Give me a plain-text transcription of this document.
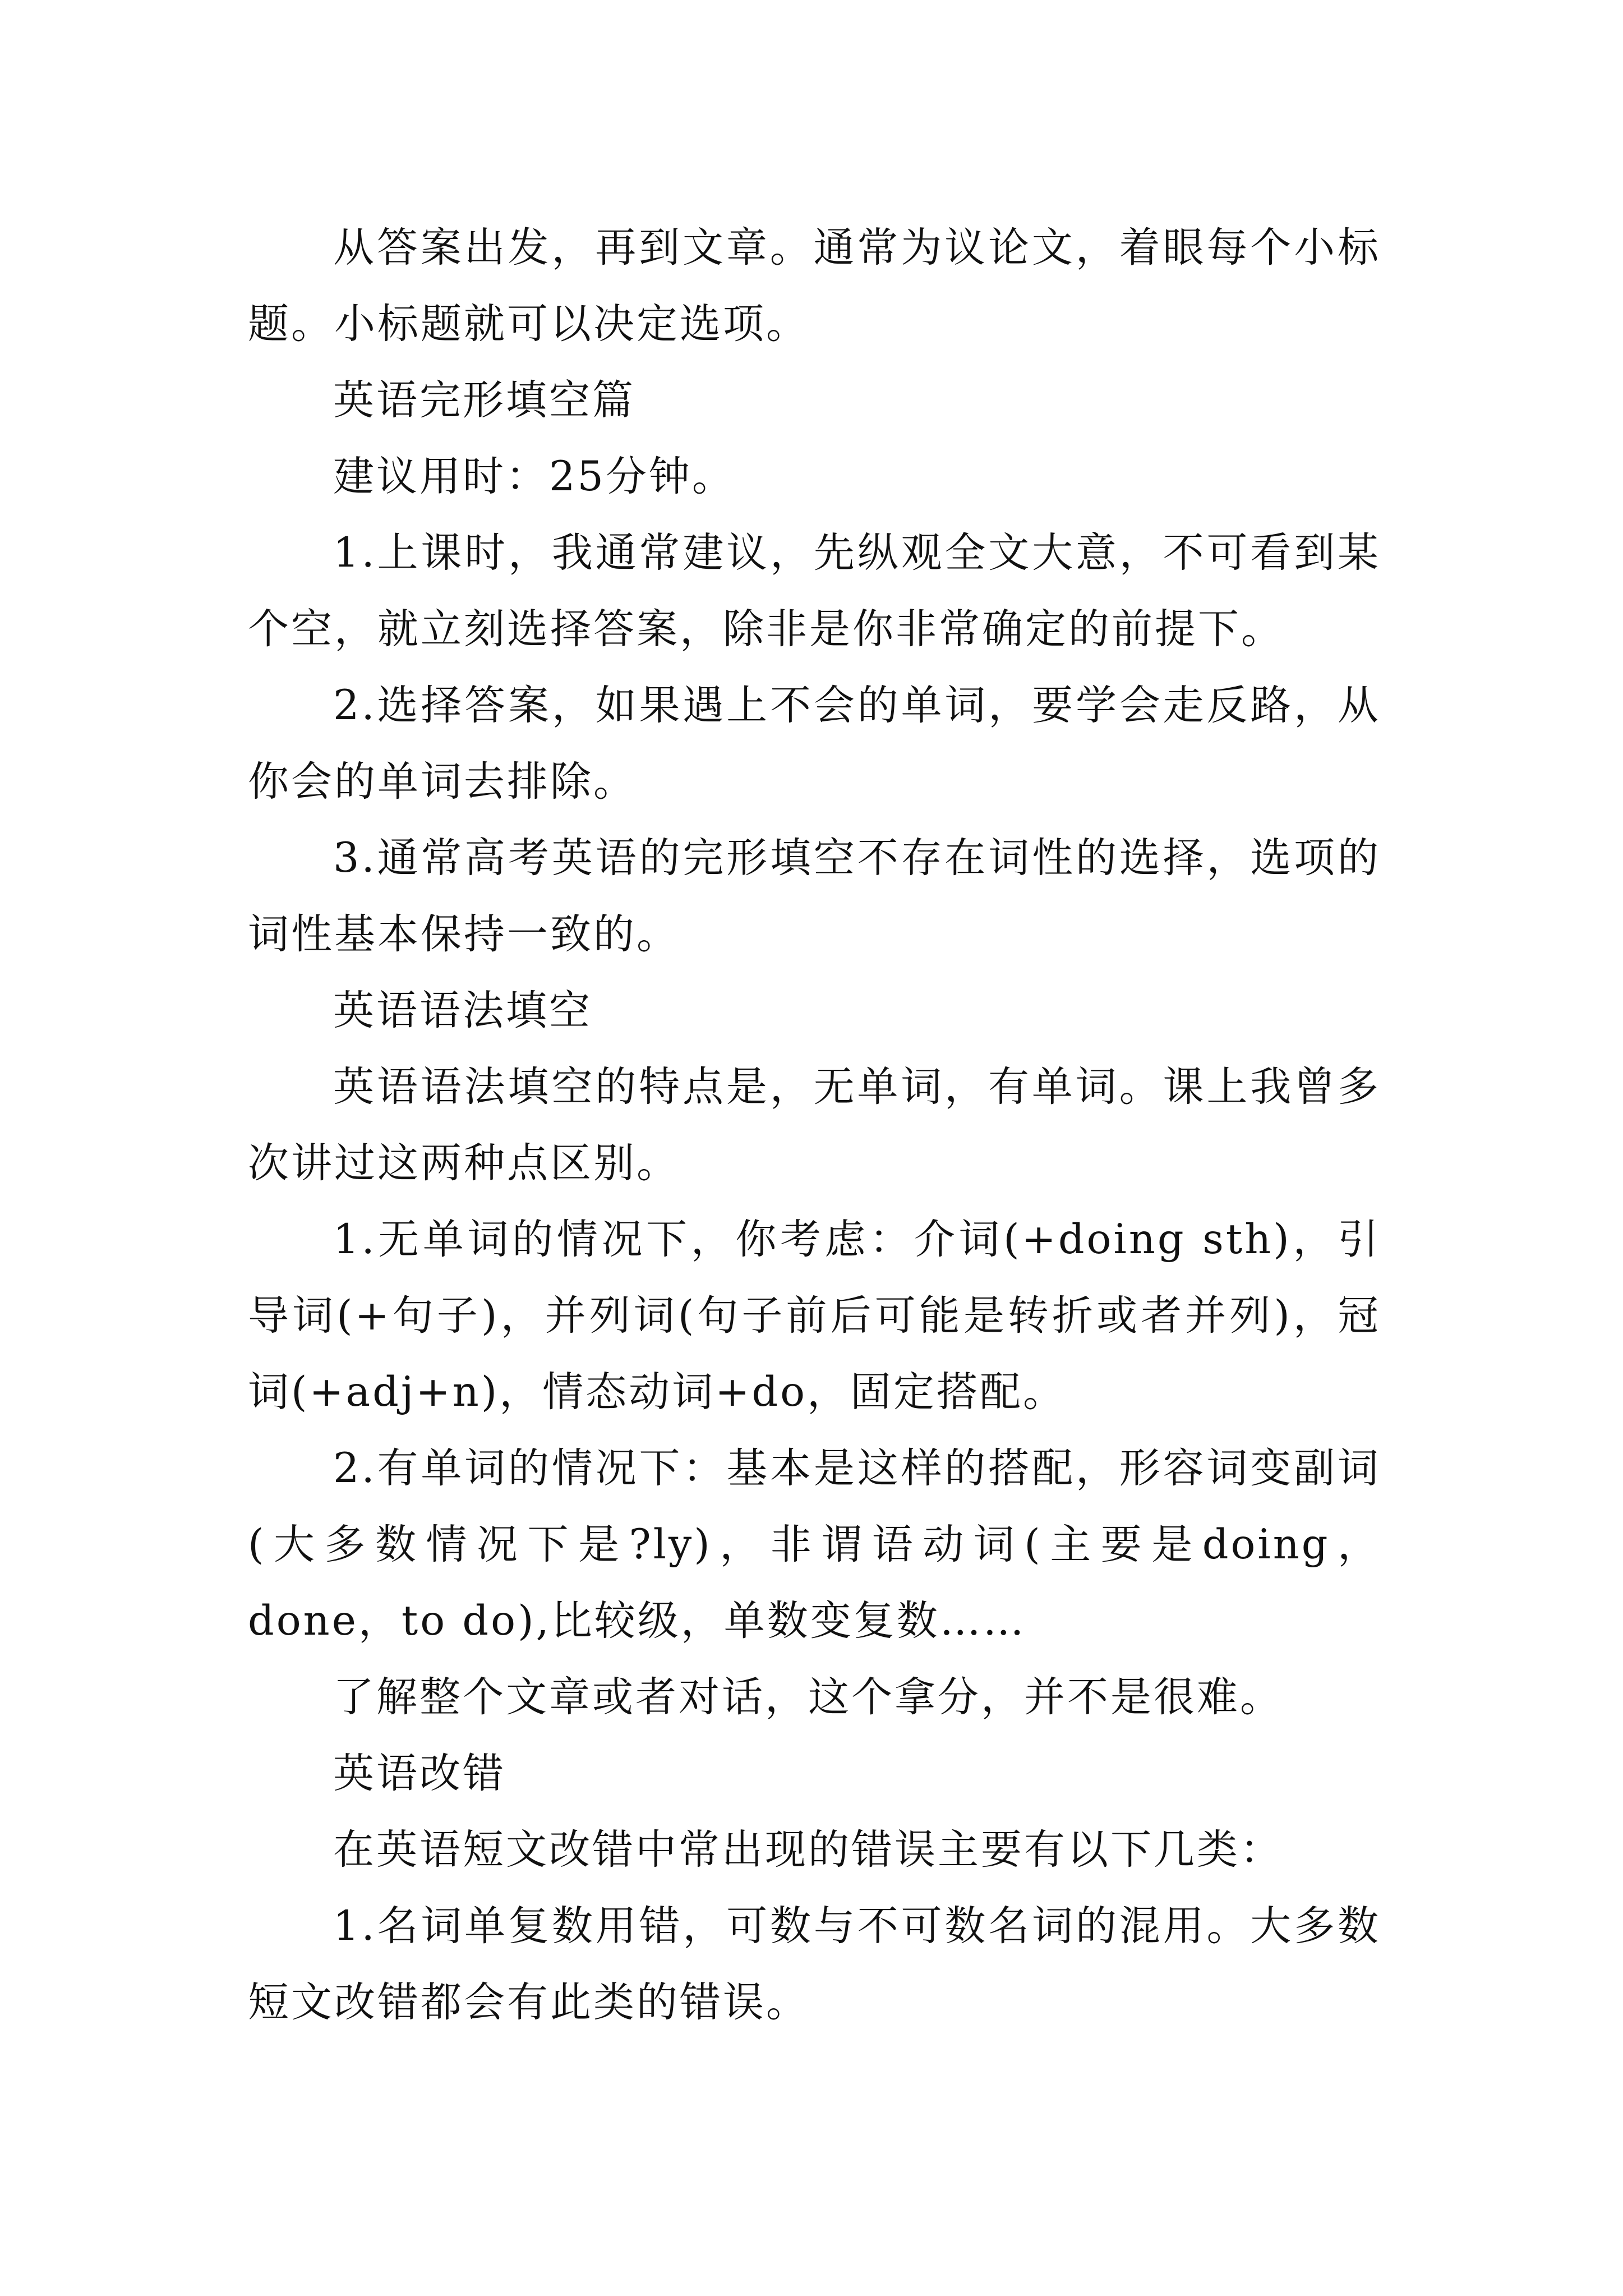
从答案出发，再到文章。通常为议论文，着眼每个小标题。小标题就可以决定选项。

英语完形填空篇

建议用时：25分钟。

1.上课时，我通常建议，先纵观全文大意，不可看到某个空，就立刻选择答案，除非是你非常确定的前提下。

2.选择答案，如果遇上不会的单词，要学会走反路，从你会的单词去排除。

3.通常高考英语的完形填空不存在词性的选择，选项的词性基本保持一致的。

英语语法填空

英语语法填空的特点是，无单词，有单词。课上我曾多次讲过这两种点区别。

1.无单词的情况下，你考虑：介词(+doing sth)，引导词(+句子)，并列词(句子前后可能是转折或者并列)，冠词(+adj+n)，情态动词+do，固定搭配。

2.有单词的情况下：基本是这样的搭配，形容词变副词(大多数情况下是?ly)，非谓语动词(主要是doing，done，to do),比较级，单数变复数……

了解整个文章或者对话，这个拿分，并不是很难。

英语改错

在英语短文改错中常出现的错误主要有以下几类：

1.名词单复数用错，可数与不可数名词的混用。大多数短文改错都会有此类的错误。
